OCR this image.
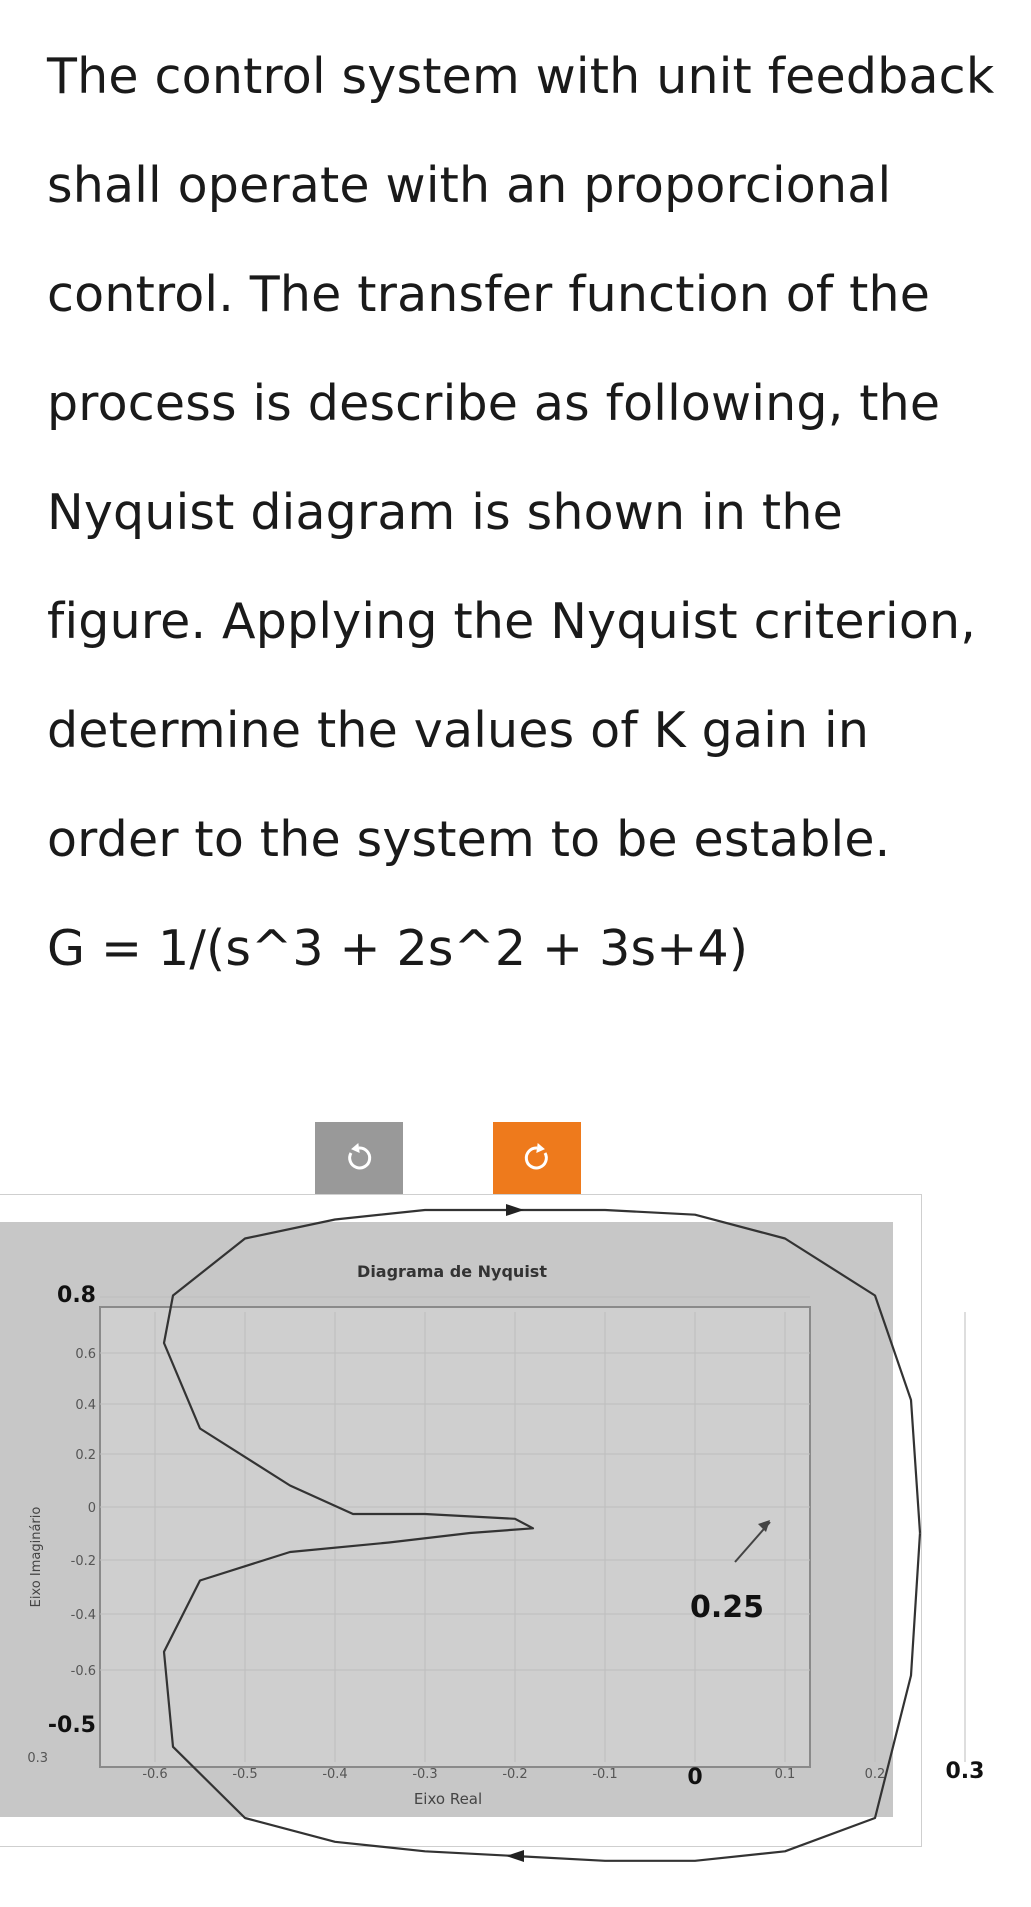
The control system with unit feedback

shall operate with an proporcional

control. The transfer function of the

process is describe as following, the

Nyquist diagram is shown in the

figure. Applying the Nyquist criterion,

determine the values of K gain in

order to the system to be estable.

G = 1/(s^3 + 2s^2 + 3s+4)

Diagrama de Nyquist
Eixo Real
Eixo Imaginário
-0.6	-0.5	-0.4	-0.3	-0.2	-0.1	0	0.1	0.2	0.3
0.8
0.6
0.4
0.2
0
-0.2
-0.4
-0.6
-0.5
0.3
0.25
